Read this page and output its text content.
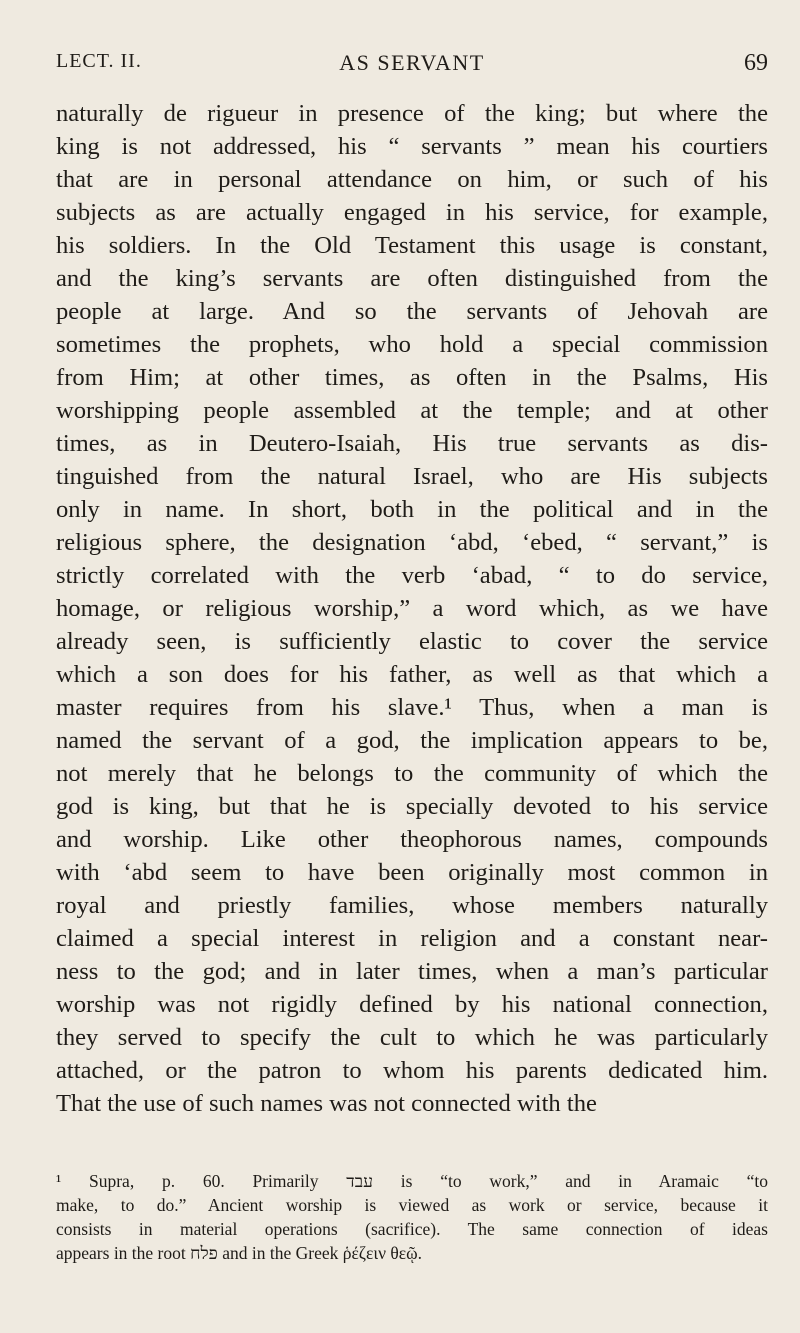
LECT. II.	AS SERVANT	69
naturally de rigueur in presence of the king; but where the
king is not addressed, his “ servants ” mean his courtiers
that are in personal attendance on him, or such of his
subjects as are actually engaged in his service, for example,
his soldiers. In the Old Testament this usage is constant,
and the king’s servants are often distinguished from the
people at large. And so the servants of Jehovah are
sometimes the prophets, who hold a special commission
from Him; at other times, as often in the Psalms, His
worshipping people assembled at the temple; and at other
times, as in Deutero-Isaiah, His true servants as dis-
tinguished from the natural Israel, who are His subjects
only in name. In short, both in the political and in the
religious sphere, the designation ‘abd, ‘ebed, “ servant,” is
strictly correlated with the verb ‘abad, “ to do service,
homage, or religious worship,” a word which, as we have
already seen, is sufficiently elastic to cover the service
which a son does for his father, as well as that which a
master requires from his slave.¹ Thus, when a man is
named the servant of a god, the implication appears to be,
not merely that he belongs to the community of which the
god is king, but that he is specially devoted to his service
and worship. Like other theophorous names, compounds
with ‘abd seem to have been originally most common in
royal and priestly families, whose members naturally
claimed a special interest in religion and a constant near-
ness to the god; and in later times, when a man’s particular
worship was not rigidly defined by his national connection,
they served to specify the cult to which he was particularly
attached, or the patron to whom his parents dedicated him.
That the use of such names was not connected with the
¹ Supra, p. 60. Primarily עבד is “to work,” and in Aramaic “to
make, to do.” Ancient worship is viewed as work or service, because it
consists in material operations (sacrifice). The same connection of ideas
appears in the root פלח and in the Greek ῥέζειν θεῷ.
